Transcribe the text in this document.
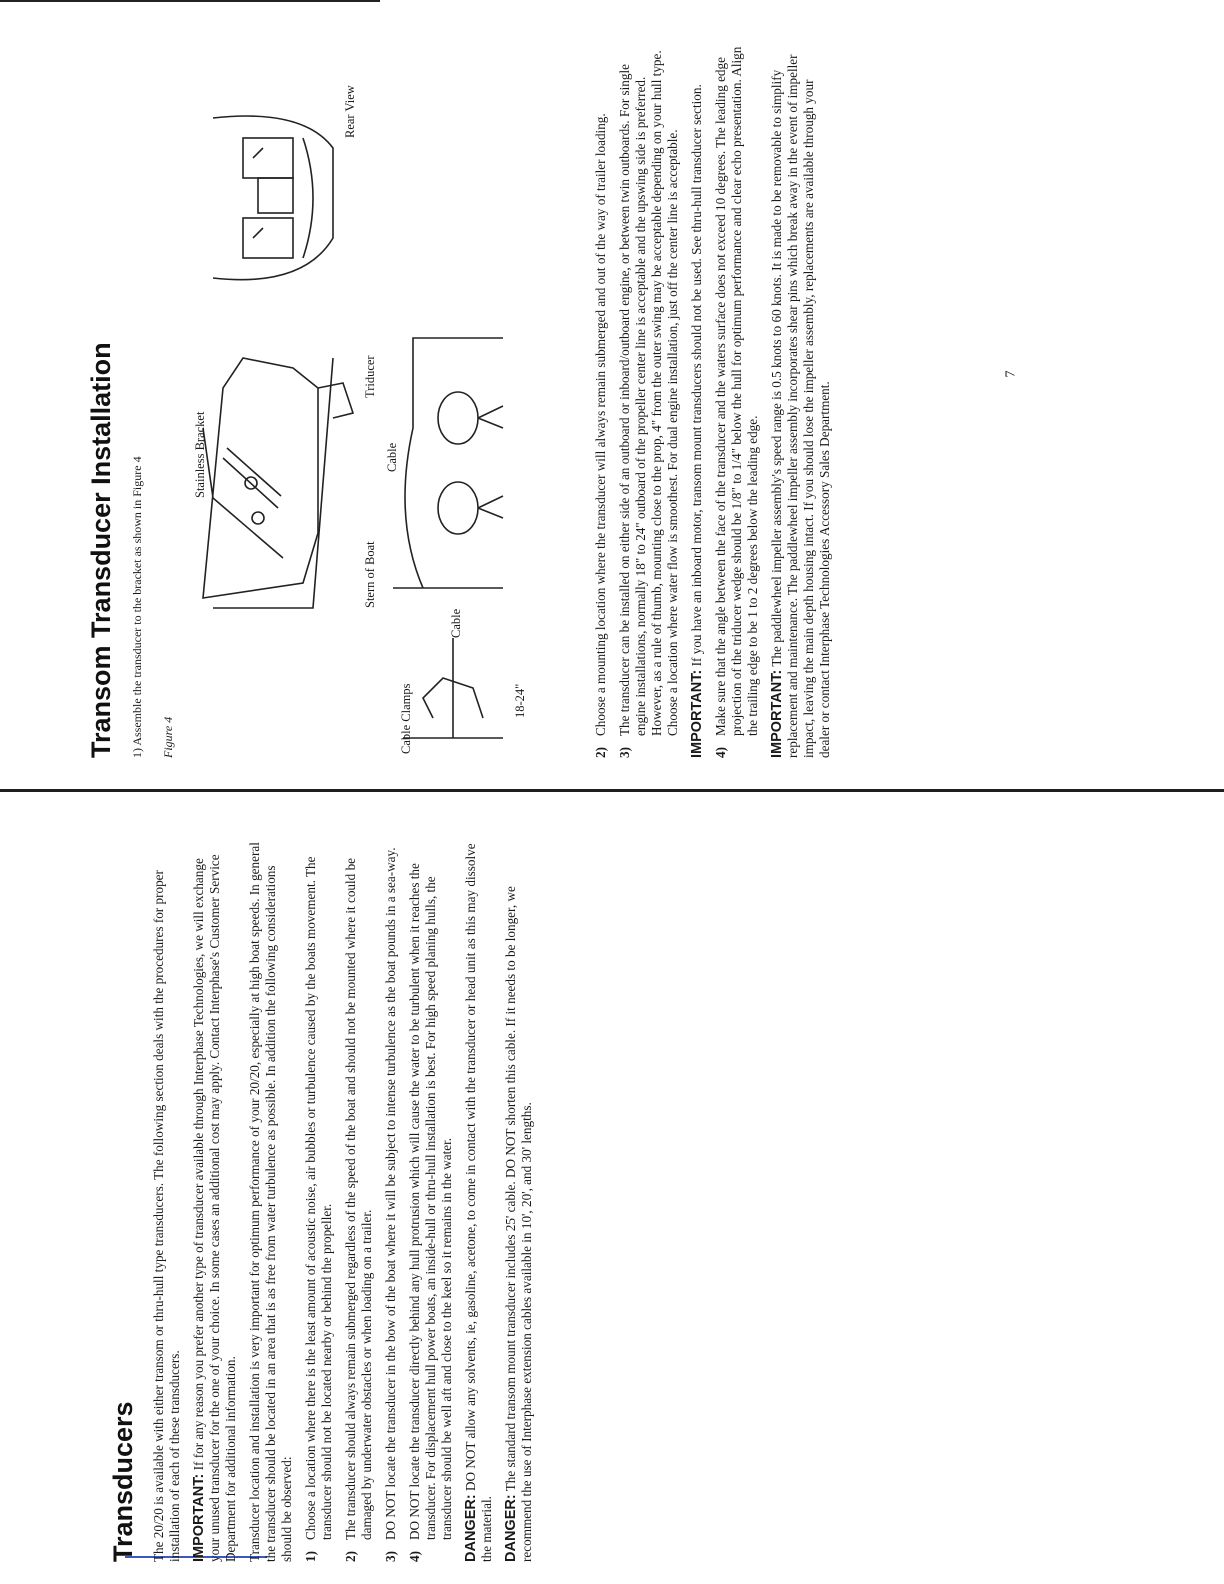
Transducers The 20/20 is available with either transom or thru-hull type transducers. The following section deals with the procedures for proper installation of each of these transducers. IMPORTANT: If for any reason you prefer another type of transducer available through Interphase Technologies, we will exchange your unused transducer for the one of your choice. In some cases an additional cost may apply. Contact Interphase's Customer Service Department for additional information. Transducer location and installation is very important for optimum performance of your 20/20, especially at high boat speeds. In general the transducer should be located in an area that is as free from water turbulence as possible. In addition the following considerations should be observed: 1)
Choose a location where there is the least amount of acoustic noise, air bubbles or turbulence caused by the boats movement. The transducer should not be located nearby or behind the propeller.
2)
The transducer should always remain submerged regardless of the speed of the boat and should not be mounted where it could be damaged by underwater obstacles or when loading on a trailer.
3)
DO NOT locate the transducer in the bow of the boat where it will be subject to intense turbulence as the boat pounds in a sea-way.
4)
DO NOT locate the transducer directly behind any hull protrusion which will cause the water to be turbulent when it reaches the transducer. For displacement hull power boats, an inside-hull or thru-hull installation is best. For high speed planing hulls, the transducer should be well aft and close to the keel so it remains in the water. DANGER: DO NOT allow any solvents, ie, gasoline, acetone, to come in contact with the transducer or head unit as this may dissolve the material. DANGER: The standard transom mount transducer includes 25' cable. DO NOT shorten this cable. If it needs to be longer, we recommend the use of Interphase extension cables available in 10', 20', and 30' lengths.

Transom Transducer Installation 1) Assemble the transducer to the bracket as shown in Figure 4 Figure 4
Stern of Boat
Stainless Bracket
Triducer
Cable Clamps
Cable
Cable
18-24"
Rear View
2)
Choose a mounting location where the transducer will always remain submerged and out of the way of trailer loading.
3)
The transducer can be installed on either side of an outboard or inboard/outboard engine, or between twin outboards. For single engine installations, normally 18" to 24" outboard of the propeller center line is acceptable and the upswing side is preferred. However, as a rule of thumb, mounting close to the prop, 4" from the outer swing may be acceptable depending on your hull type. Choose a location where water flow is smoothest. For dual engine installation, just off the center line is acceptable. IMPORTANT: If you have an inboard motor, transom mount transducers should not be used. See thru-hull transducer section.

4)
Make sure that the angle between the face of the transducer and the waters surface does not exceed 10 degrees. The leading edge projection of the triducer wedge should be 1/8" to 1/4" below the hull for optimum performance and clear echo presentation. Align the trailing edge to be 1 to 2 degrees below the leading edge. IMPORTANT: The paddlewheel impeller assembly's speed range is 0.5 knots to 60 knots. It is made to be removable to simplify replacement and maintenance. The paddlewheel impeller assembly incorporates shear pins which break away in the event of impeller impact, leaving the main depth housing intact. If you should lose the impeller assembly, replacements are available through your dealer or contact Interphase Technologies Accessory Sales Department.

7
